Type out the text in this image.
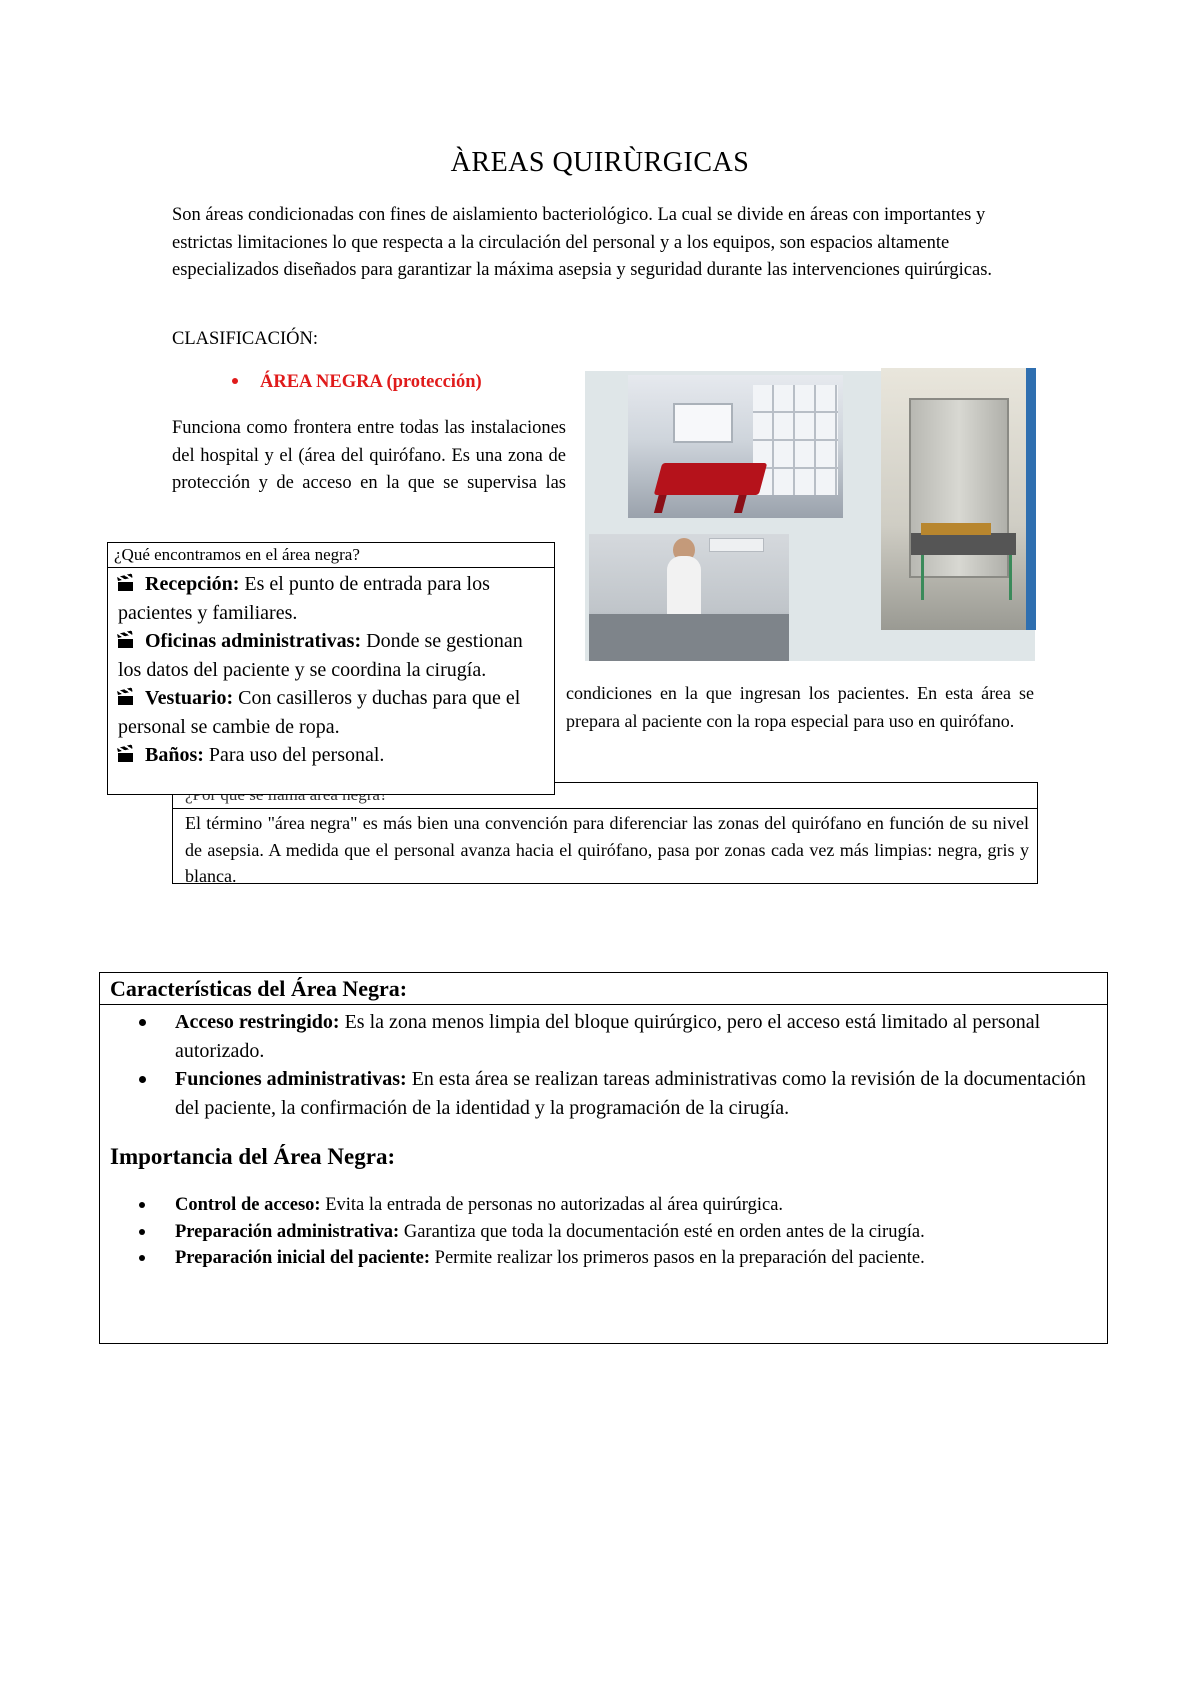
ÀREAS QUIRÙRGICAS
Son áreas condicionadas con fines de aislamiento bacteriológico. La cual se divide en áreas con importantes y estrictas limitaciones lo que respecta a la circulación del personal y a los equipos, son espacios altamente especializados diseñados para garantizar la máxima asepsia y seguridad durante las intervenciones quirúrgicas.
CLASIFICACIÓN:
ÁREA NEGRA (protección)
Funciona como frontera entre todas las instalaciones del hospital y el (área del quirófano. Es una zona de protección y de acceso en la que se supervisa las
condiciones en la que ingresan los pacientes. En esta área se prepara al paciente con la ropa especial para uso en quirófano.
El término "área negra" es más bien una convención para diferenciar las zonas del quirófano en función de su nivel de asepsia. A medida que el personal avanza hacia el quirófano, pasa por zonas cada vez más limpias: negra, gris y blanca.
¿Qué encontramos en el área negra?
Recepción: Es el punto de entrada para los pacientes y familiares.
Oficinas administrativas: Donde se gestionan los datos del paciente y se coordina la cirugía.
Vestuario: Con casilleros y duchas para que el personal se cambie de ropa.
Baños: Para uso del personal.
Características del Área Negra:
Acceso restringido: Es la zona menos limpia del bloque quirúrgico, pero el acceso está limitado al personal autorizado.
Funciones administrativas: En esta área se realizan tareas administrativas como la revisión de la documentación del paciente, la confirmación de la identidad y la programación de la cirugía.
Importancia del Área Negra:
Control de acceso: Evita la entrada de personas no autorizadas al área quirúrgica.
Preparación administrativa: Garantiza que toda la documentación esté en orden antes de la cirugía.
Preparación inicial del paciente: Permite realizar los primeros pasos en la preparación del paciente.
